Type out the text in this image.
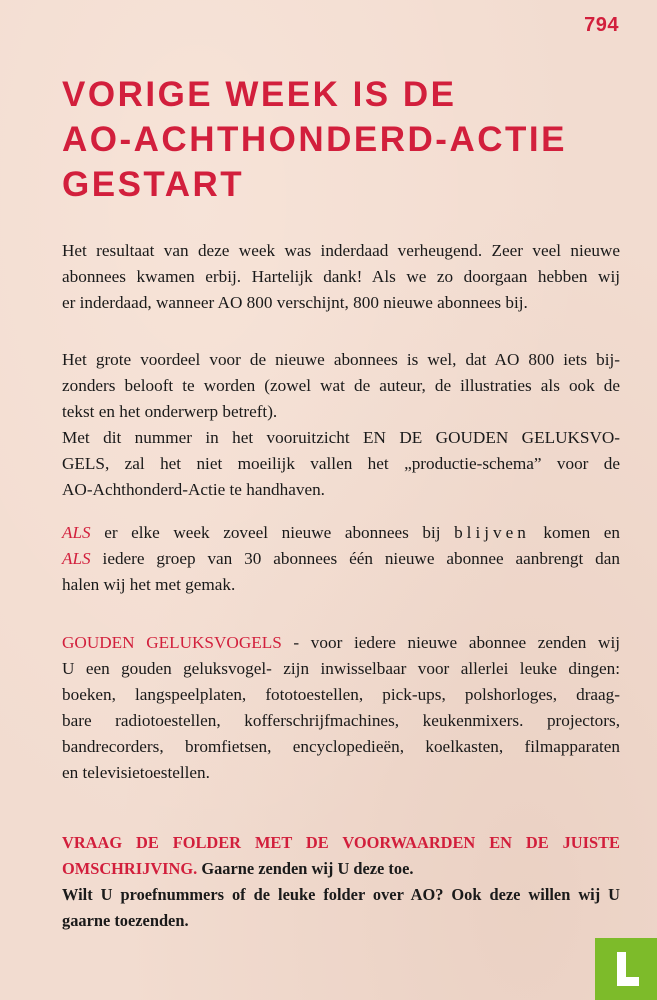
794
VORIGE WEEK IS DE
AO-ACHTHONDERD-ACTIE
GESTART
Het resultaat van deze week was inderdaad verheugend. Zeer veel nieuwe
abonnees kwamen erbij. Hartelijk dank! Als we zo doorgaan hebben wij
er inderdaad, wanneer AO 800 verschijnt, 800 nieuwe abonnees bij.
Het grote voordeel voor de nieuwe abonnees is wel, dat AO 800 iets bij-
zonders belooft te worden (zowel wat de auteur, de illustraties als ook de
tekst en het onderwerp betreft).
Met dit nummer in het vooruitzicht EN DE GOUDEN GELUKSVO-
GELS, zal het niet moeilijk vallen het „productie-schema” voor de
AO-Achthonderd-Actie te handhaven.
ALS er elke week zoveel nieuwe abonnees bij blijven komen en
ALS iedere groep van 30 abonnees één nieuwe abonnee aanbrengt dan
halen wij het met gemak.
GOUDEN GELUKSVOGELS - voor iedere nieuwe abonnee zenden wij
U een gouden geluksvogel- zijn inwisselbaar voor allerlei leuke dingen:
boeken, langspeelplaten, fototoestellen, pick-ups, polshorloges, draag-
bare radiotoestellen, kofferschrijfmachines, keukenmixers. projectors,
bandrecorders, bromfietsen, encyclopedieën, koelkasten, filmapparaten
en televisietoestellen.
VRAAG DE FOLDER MET DE VOORWAARDEN EN DE JUISTE
OMSCHRIJVING. Gaarne zenden wij U deze toe.
Wilt U proefnummers of de leuke folder over AO? Ook deze willen wij U
gaarne toezenden.
